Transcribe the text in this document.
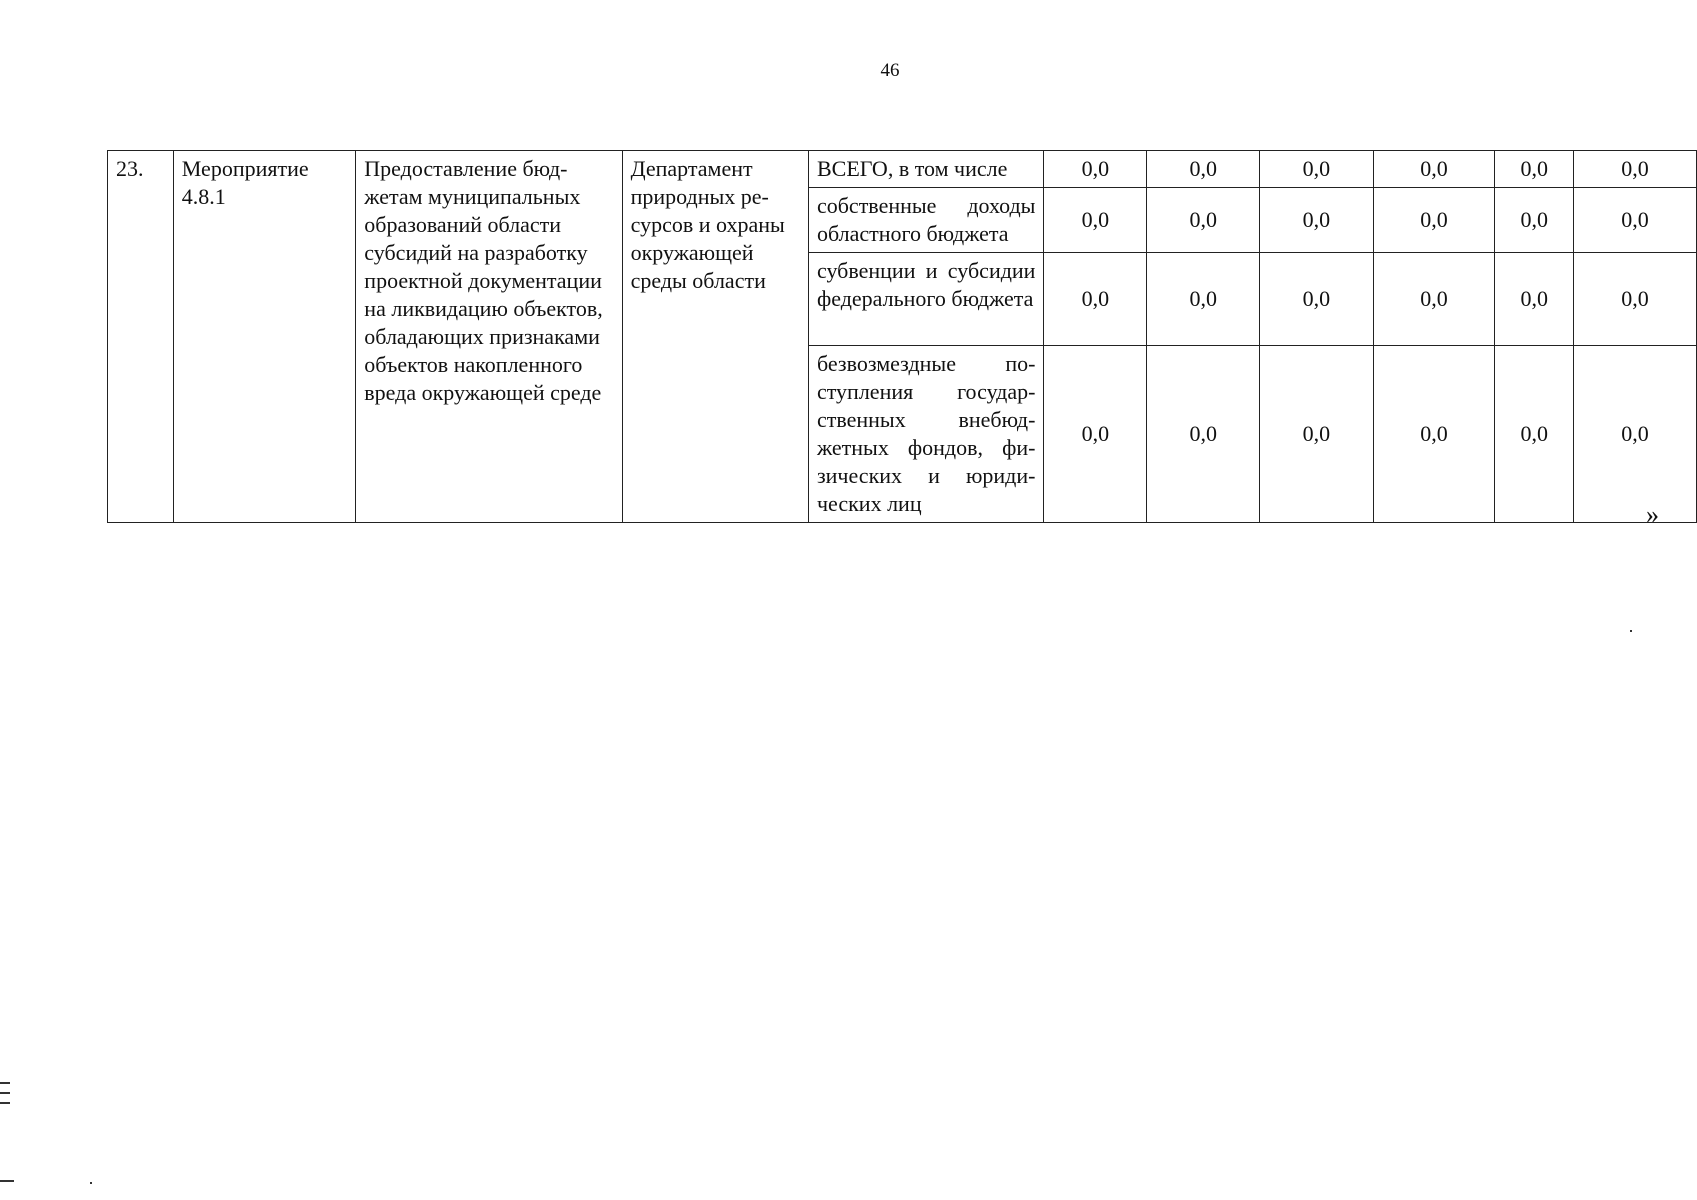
46
23.	Мероприятие 4.8.1	Предоставление бюджетам муниципальных образований области субсидий на разработку проектной документации на ликвидацию объектов, обладающих признаками объектов накопленного вреда окружающей среде	Департамент природных ресурсов и охраны окружающей среды области	ВСЕГО, в том числе	0,0	0,0	0,0	0,0	0,0	0,0
				собственные доходы областного бюджета	0,0	0,0	0,0	0,0	0,0	0,0
				субвенции и субсидии федерального бюджета	0,0	0,0	0,0	0,0	0,0	0,0
				безвозмездные поступления государственных внебюджетных фондов, физических и юридических лиц	0,0	0,0	0,0	0,0	0,0	0,0
»
